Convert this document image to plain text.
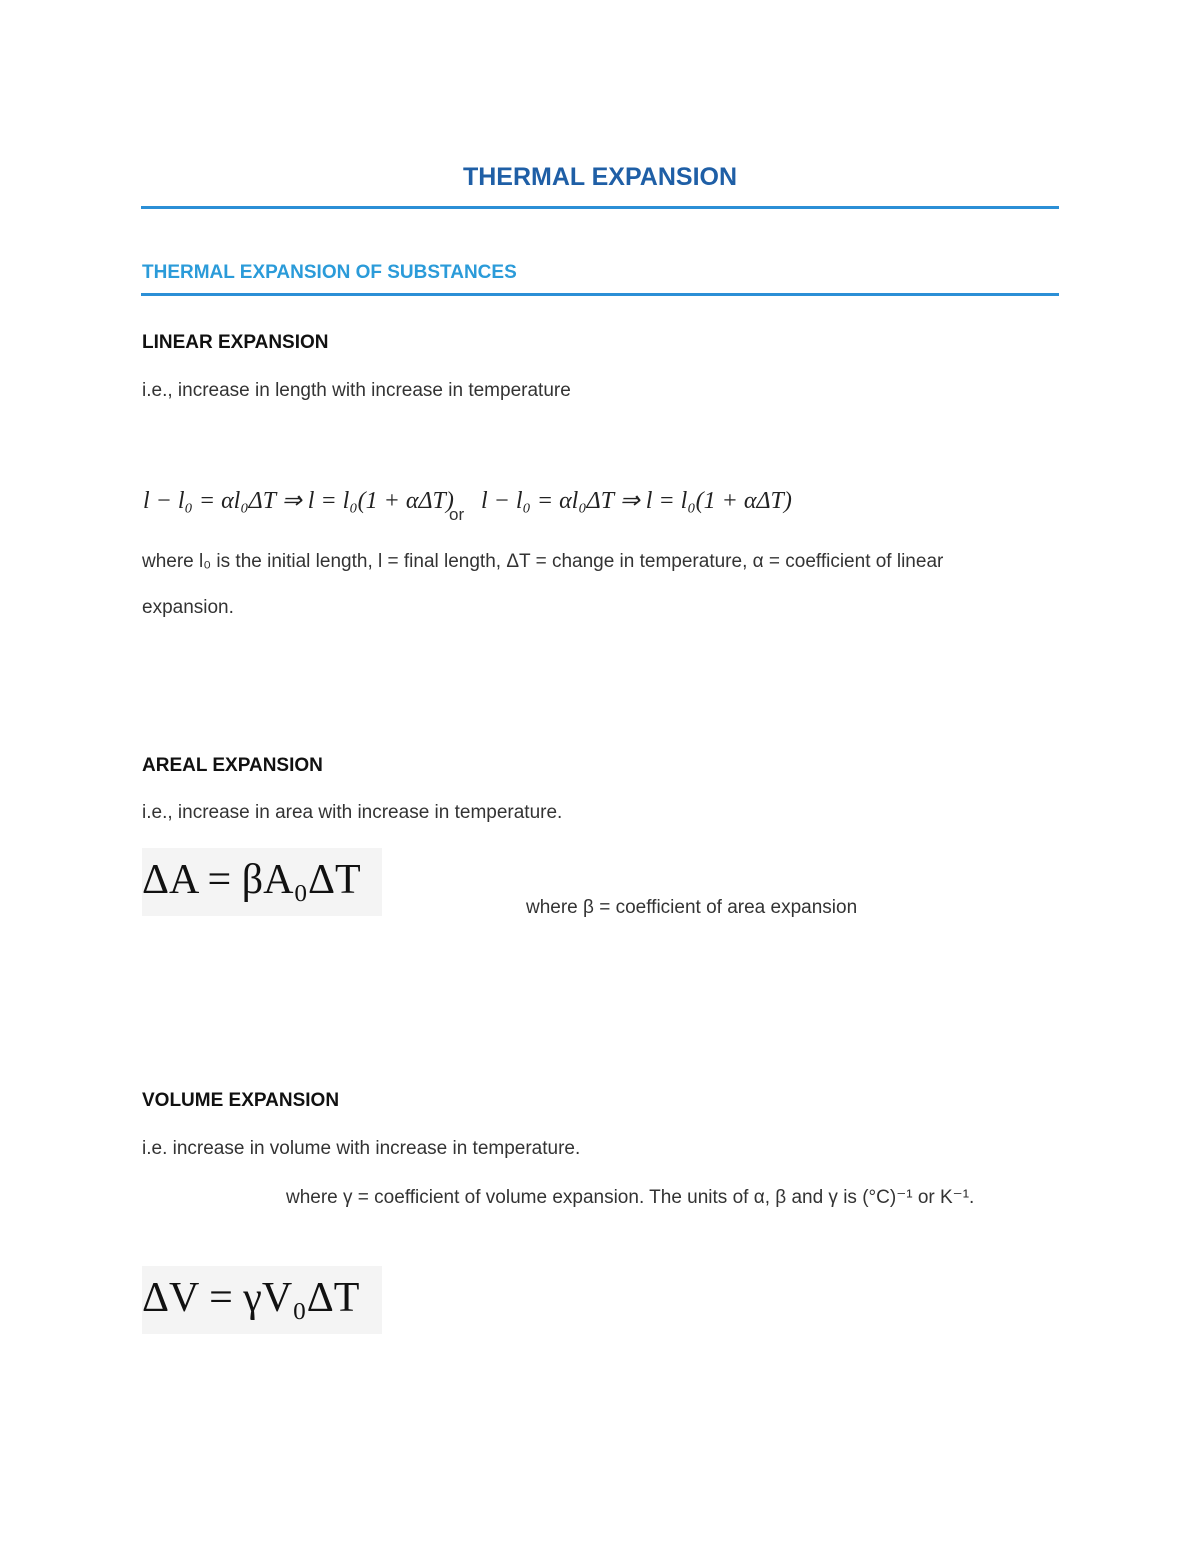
THERMAL EXPANSION
THERMAL EXPANSION OF SUBSTANCES
LINEAR EXPANSION
i.e., increase in length with increase in temperature
l − l₀ = αl₀ΔT ⇒ l = l₀(1 + αΔT)
or
l − l₀ = αl₀ΔT ⇒ l = l₀(1 + αΔT)
where l₀ is the initial length, l = final length, ΔT = change in temperature, α = coefficient of linear
expansion.
AREAL EXPANSION
i.e., increase in area with increase in temperature.
ΔA = βA₀ΔT
where β = coefficient of area expansion
VOLUME EXPANSION
i.e. increase in volume with increase in temperature.
where γ = coefficient of volume expansion. The units of α, β and γ is (°C)⁻¹ or K⁻¹.
ΔV = γV₀ΔT
